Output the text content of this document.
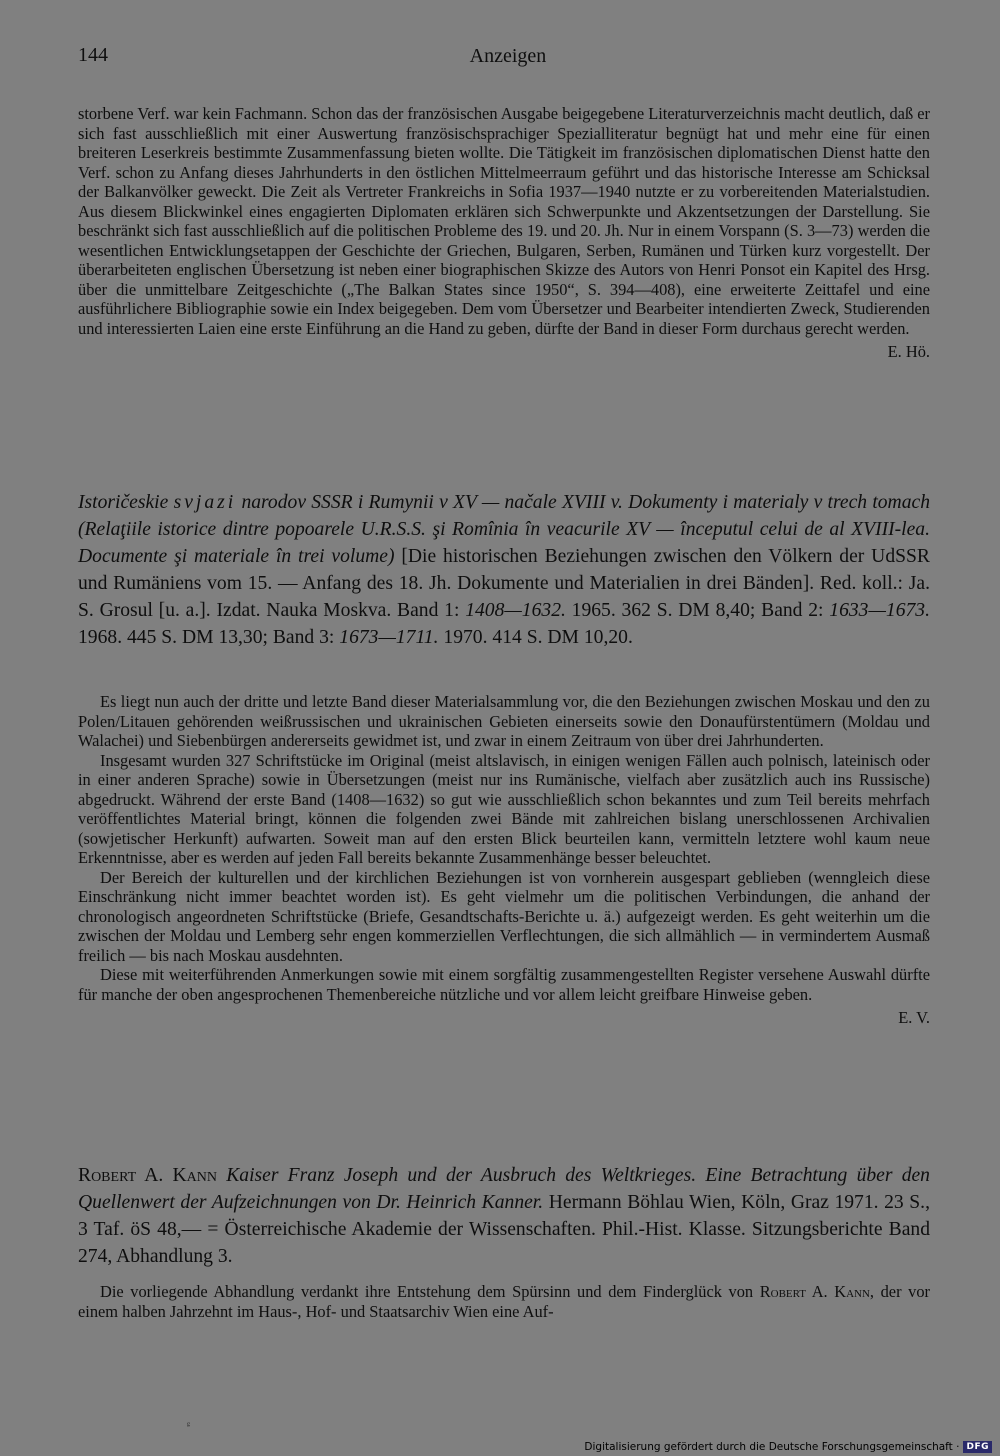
144	Anzeigen

storbene Verf. war kein Fachmann. Schon das der französischen Ausgabe beigegebene Literaturverzeichnis macht deutlich, daß er sich fast ausschließlich mit einer Auswertung französischsprachiger Spezialliteratur begnügt hat und mehr eine für einen breiteren Leserkreis bestimmte Zusammenfassung bieten wollte. Die Tätigkeit im französischen diplomatischen Dienst hatte den Verf. schon zu Anfang dieses Jahrhunderts in den östlichen Mittelmeerraum geführt und das historische Interesse am Schicksal der Balkanvölker geweckt. Die Zeit als Vertreter Frankreichs in Sofia 1937—1940 nutzte er zu vorbereitenden Materialstudien. Aus diesem Blickwinkel eines engagierten Diplomaten erklären sich Schwerpunkte und Akzentsetzungen der Darstellung. Sie beschränkt sich fast ausschließlich auf die politischen Probleme des 19. und 20. Jh. Nur in einem Vorspann (S. 3—73) werden die wesentlichen Entwicklungsetappen der Geschichte der Griechen, Bulgaren, Serben, Rumänen und Türken kurz vorgestellt. Der überarbeiteten englischen Übersetzung ist neben einer biographischen Skizze des Autors von Henri Ponsot ein Kapitel des Hrsg. über die unmittelbare Zeitgeschichte („The Balkan States since 1950“, S. 394—408), eine erweiterte Zeittafel und eine ausführlichere Bibliographie sowie ein Index beigegeben. Dem vom Übersetzer und Bearbeiter intendierten Zweck, Studierenden und interessierten Laien eine erste Einführung an die Hand zu geben, dürfte der Band in dieser Form durchaus gerecht werden.

E. Hö.
Istoričeskie svjazi narodov SSSR i Rumynii v XV — načale XVIII v. Dokumenty i materialy v trech tomach (Relaţiile istorice dintre popoarele U.R.S.S. şi Romînia în veacurile XV — începutul celui de al XVIII-lea. Documente şi materiale în trei volume) [Die historischen Beziehungen zwischen den Völkern der UdSSR und Rumäniens vom 15. — Anfang des 18. Jh. Dokumente und Materialien in drei Bänden]. Red. koll.: Ja. S. Grosul [u. a.]. Izdat. Nauka Moskva. Band 1: 1408—1632. 1965. 362 S. DM 8,40; Band 2: 1633—1673. 1968. 445 S. DM 13,30; Band 3: 1673—1711. 1970. 414 S. DM 10,20.

Es liegt nun auch der dritte und letzte Band dieser Materialsammlung vor, die den Beziehungen zwischen Moskau und den zu Polen/Litauen gehörenden weißrussischen und ukrainischen Gebieten einerseits sowie den Donaufürstentümern (Moldau und Walachei) und Siebenbürgen andererseits gewidmet ist, und zwar in einem Zeitraum von über drei Jahrhunderten.

Insgesamt wurden 327 Schriftstücke im Original (meist altslavisch, in einigen wenigen Fällen auch polnisch, lateinisch oder in einer anderen Sprache) sowie in Übersetzungen (meist nur ins Rumänische, vielfach aber zusätzlich auch ins Russische) abgedruckt. Während der erste Band (1408—1632) so gut wie ausschließlich schon bekanntes und zum Teil bereits mehrfach veröffentlichtes Material bringt, können die folgenden zwei Bände mit zahlreichen bislang unerschlossenen Archivalien (sowjetischer Herkunft) aufwarten. Soweit man auf den ersten Blick beurteilen kann, vermitteln letztere wohl kaum neue Erkenntnisse, aber es werden auf jeden Fall bereits bekannte Zusammenhänge besser beleuchtet.

Der Bereich der kulturellen und der kirchlichen Beziehungen ist von vornherein ausgespart geblieben (wenngleich diese Einschränkung nicht immer beachtet worden ist). Es geht vielmehr um die politischen Verbindungen, die anhand der chronologisch angeordneten Schriftstücke (Briefe, Gesandtschafts-Berichte u. ä.) aufgezeigt werden. Es geht weiterhin um die zwischen der Moldau und Lemberg sehr engen kommerziellen Verflechtungen, die sich allmählich — in vermindertem Ausmaß freilich — bis nach Moskau ausdehnten.

Diese mit weiterführenden Anmerkungen sowie mit einem sorgfältig zusammengestellten Register versehene Auswahl dürfte für manche der oben angesprochenen Themenbereiche nützliche und vor allem leicht greifbare Hinweise geben.

E. V.
Robert A. Kann Kaiser Franz Joseph und der Ausbruch des Weltkrieges. Eine Betrachtung über den Quellenwert der Aufzeichnungen von Dr. Heinrich Kanner. Hermann Böhlau Wien, Köln, Graz 1971. 23 S., 3 Taf. öS 48,— = Österreichische Akademie der Wissenschaften. Phil.-Hist. Klasse. Sitzungsberichte Band 274, Abhandlung 3.

Die vorliegende Abhandlung verdankt ihre Entstehung dem Spürsinn und dem Finderglück von Robert A. Kann, der vor einem halben Jahrzehnt im Haus-, Hof- und Staatsarchiv Wien eine Auf-

ᵍ
Digitalisierung gefördert durch die Deutsche Forschungsgemeinschaft · DFG
